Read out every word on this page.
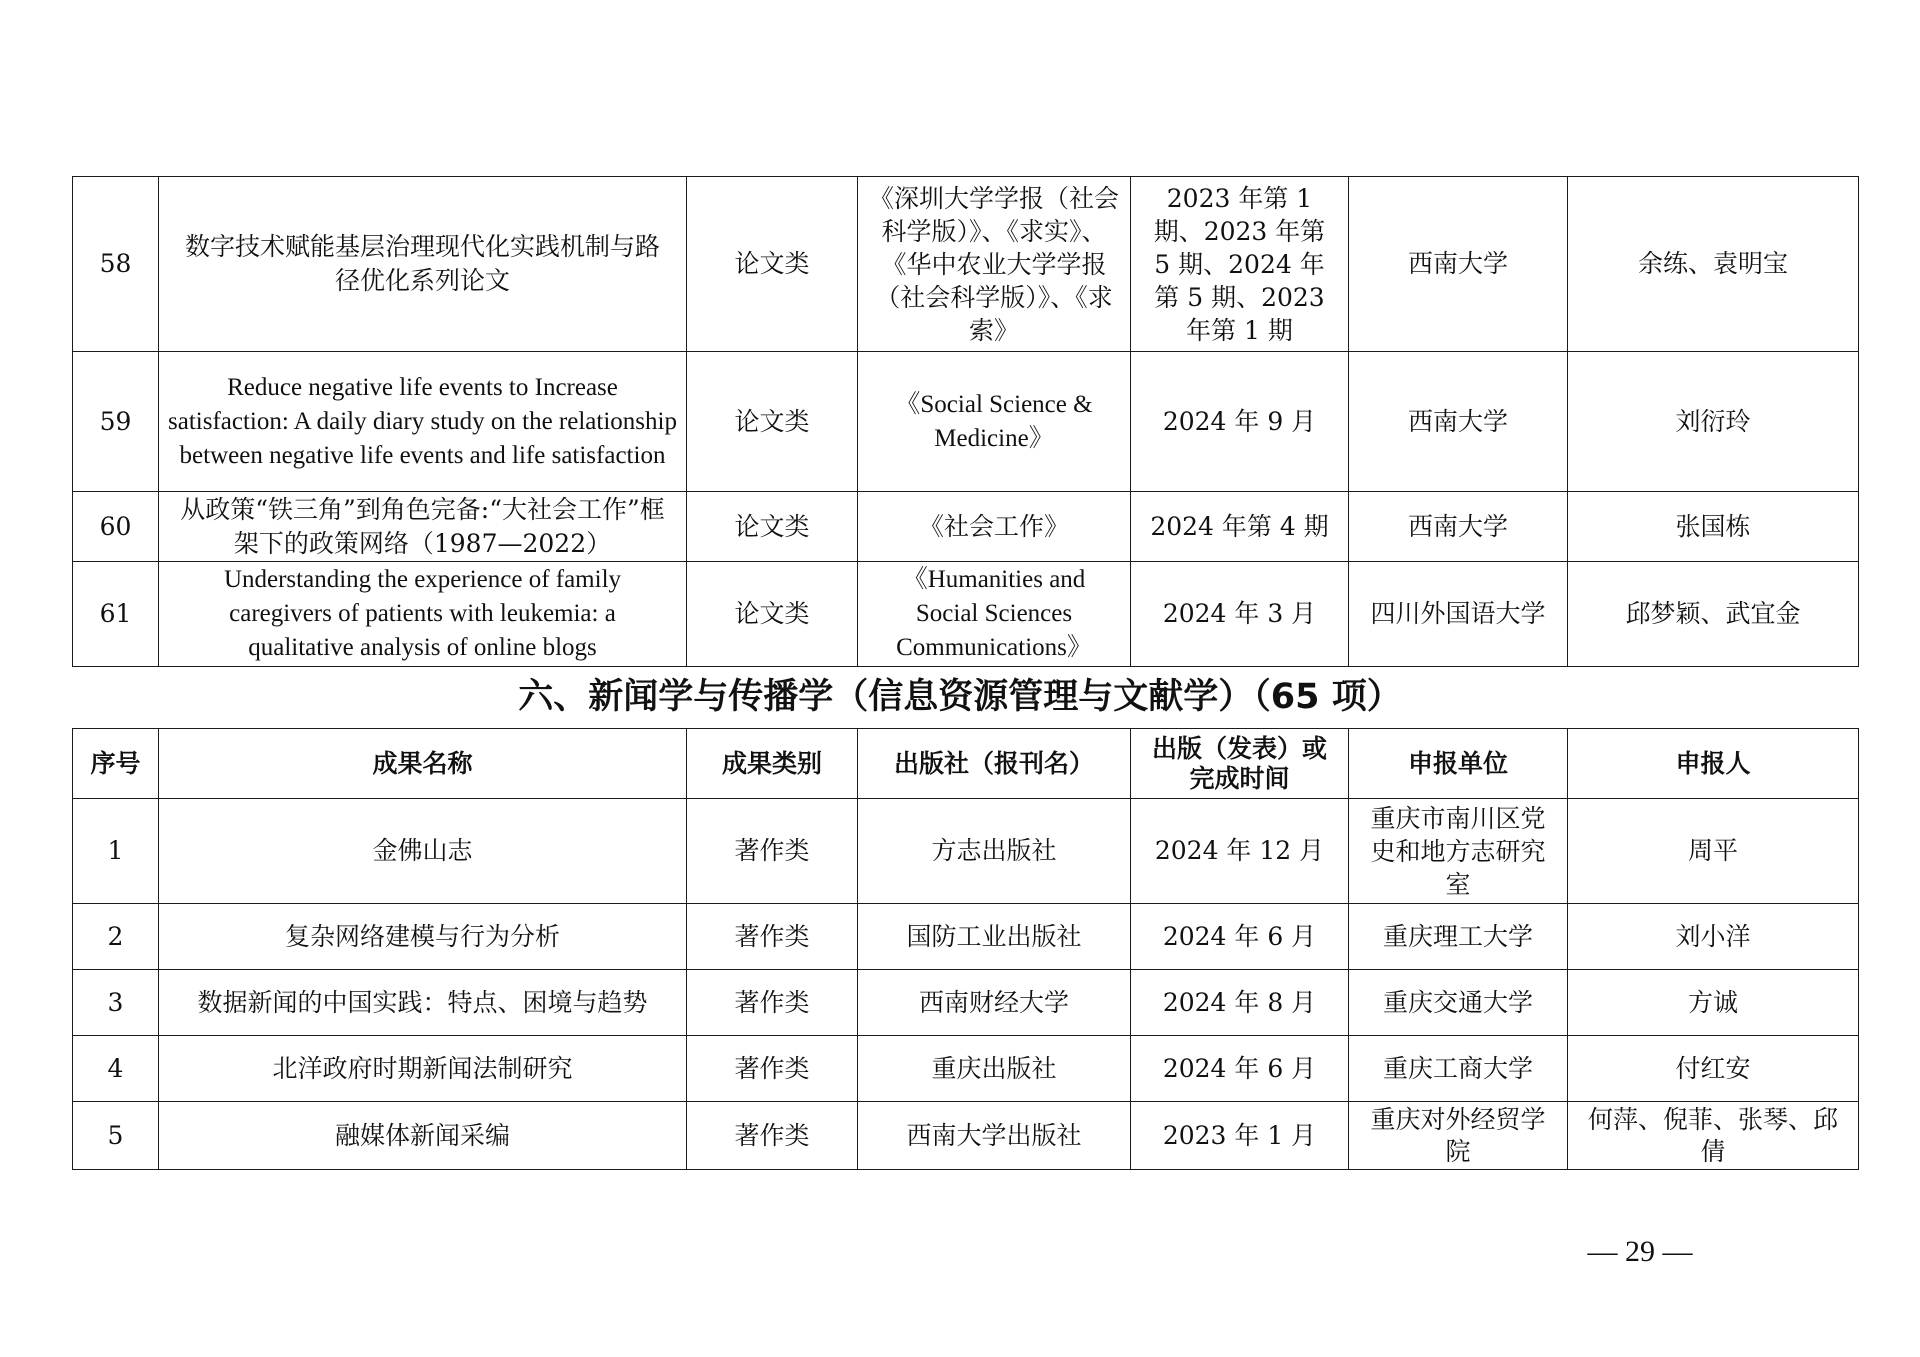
58	数字技术赋能基层治理现代化实践机制与路径优化系列论文	论文类	《深圳大学学报（社会科学版）》、《求实》、《华中农业大学学报（社会科学版）》、《求索》	2023 年第 1 期、2023 年第 5 期、2024 年第 5 期、2023 年第 1 期	西南大学	余练、袁明宝
59	Reduce negative life events to Increase satisfaction: A daily diary study on the relationship between negative life events and life satisfaction	论文类	《Social Science & Medicine》	2024 年 9 月	西南大学	刘衍玲
60	从政策“铁三角”到角色完备:“大社会工作”框架下的政策网络（1987—2022）	论文类	《社会工作》	2024 年第 4 期	西南大学	张国栋
61	Understanding the experience of family caregivers of patients with leukemia: a qualitative analysis of online blogs	论文类	《Humanities and Social Sciences Communications》	2024 年 3 月	四川外国语大学	邱梦颖、武宜金
六、新闻学与传播学（信息资源管理与文献学）（65 项）
序号	成果名称	成果类别	出版社（报刊名）	出版（发表）或完成时间	申报单位	申报人
1	金佛山志	著作类	方志出版社	2024 年 12 月	重庆市南川区党史和地方志研究室	周平
2	复杂网络建模与行为分析	著作类	国防工业出版社	2024 年 6 月	重庆理工大学	刘小洋
3	数据新闻的中国实践：特点、困境与趋势	著作类	西南财经大学	2024 年 8 月	重庆交通大学	方诚
4	北洋政府时期新闻法制研究	著作类	重庆出版社	2024 年 6 月	重庆工商大学	付红安
5	融媒体新闻采编	著作类	西南大学出版社	2023 年 1 月	重庆对外经贸学院	何萍、倪菲、张琴、邱倩
— 29 —
